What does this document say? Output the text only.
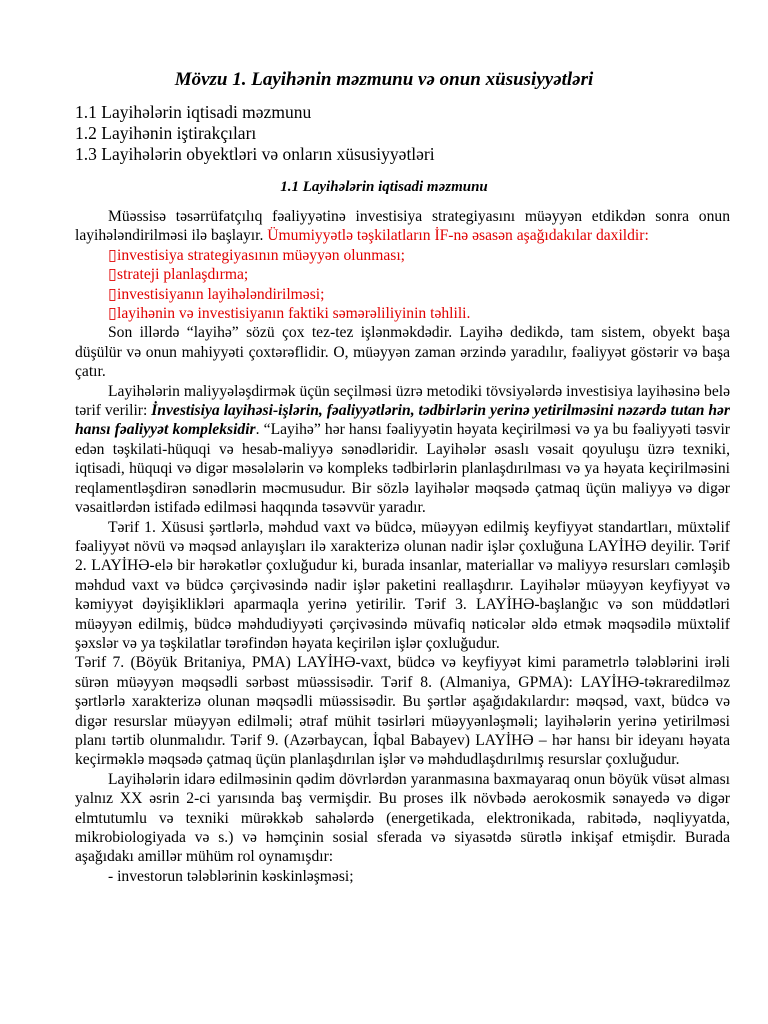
Mövzu 1. Layihənin məzmunu və onun xüsusiyyətləri
1.1 Layihələrin iqtisadi məzmunu
1.2 Layihənin iştirakçıları
1.3 Layihələrin obyektləri və onların xüsusiyyətləri
1.1 Layihələrin iqtisadi məzmunu

Müəssisə təsərrüfatçılıq fəaliyyətinə investisiya strategiyasını müəyyən etdikdən sonra onun layihələndirilməsi ilə başlayır. Ümumiyyətlə təşkilatların İF-nə əsasən aşağıdakılar daxildir:

▯investisiya strategiyasının müəyyən olunması;
▯strateji planlaşdırma;
▯investisiyanın layihələndirilməsi;
▯layihənin və investisiyanın faktiki səmərəliliyinin təhlili.

Son illərdə “layihə” sözü çox tez-tez işlənməkdədir. Layihə dedikdə, tam sistem, obyekt başa düşülür və onun mahiyyəti çoxtərəflidir. O, müəyyən zaman ərzində yaradılır, fəaliyyət göstərir və başa çatır.

Layihələrin maliyyələşdirmək üçün seçilməsi üzrə metodiki tövsiyələrdə investisiya layihəsinə belə tərif verilir: İnvestisiya layihəsi-işlərin, fəaliyyətlərin, tədbirlərin yerinə yetirilməsini nəzərdə tutan hər hansı fəaliyyət kompleksidir. “Layihə” hər hansı fəaliyyətin həyata keçirilməsi və ya bu fəaliyyəti təsvir edən təşkilati-hüquqi və hesab-maliyyə sənədləridir. Layihələr əsaslı vəsait qoyuluşu üzrə texniki, iqtisadi, hüquqi və digər məsələlərin və kompleks tədbirlərin planlaşdırılması və ya həyata keçirilməsini reqlamentləşdirən sənədlərin məcmusudur. Bir sözlə layihələr məqsədə çatmaq üçün maliyyə və digər vəsaitlərdən istifadə edilməsi haqqında təsəvvür yaradır.

Tərif 1. Xüsusi şərtlərlə, məhdud vaxt və büdcə, müəyyən edilmiş keyfiyyət standartları, müxtəlif fəaliyyət növü və məqsəd anlayışları ilə xarakterizə olunan nadir işlər çoxluğuna LAYİHƏ deyilir. Tərif 2. LAYİHƏ-elə bir hərəkətlər çoxluğudur ki, burada insanlar, materiallar və maliyyə resursları cəmləşib məhdud vaxt və büdcə çərçivəsində nadir işlər paketini reallaşdırır. Layihələr müəyyən keyfiyyət və kəmiyyət dəyişiklikləri aparmaqla yerinə yetirilir. Tərif 3. LAYİHƏ-başlanğıc və son müddətləri müəyyən edilmiş, büdcə məhdudiyyəti çərçivəsində müvafiq nəticələr əldə etmək məqsədilə müxtəlif şəxslər və ya təşkilatlar tərəfindən həyata keçirilən işlər çoxluğudur.

Tərif 7. (Böyük Britaniya, PMA) LAYİHƏ-vaxt, büdcə və keyfiyyət kimi parametrlə tələblərini irəli sürən müəyyən məqsədli sərbəst müəssisədir. Tərif 8. (Almaniya, GPMA): LAYİHƏ-təkraredilməz şərtlərlə xarakterizə olunan məqsədli müəssisədir. Bu şərtlər aşağıdakılardır: məqsəd, vaxt, büdcə və digər resurslar müəyyən edilməli; ətraf mühit təsirləri müəyyənləşməli; layihələrin yerinə yetirilməsi planı tərtib olunmalıdır. Tərif 9. (Azərbaycan, İqbal Babayev) LAYİHƏ – hər hansı bir ideyanı həyata keçirməklə məqsədə çatmaq üçün planlaşdırılan işlər və məhdudlaşdırılmış resurslar çoxluğudur.

Layihələrin idarə edilməsinin qədim dövrlərdən yaranmasına baxmayaraq onun böyük vüsət alması yalnız XX əsrin 2-ci yarısında baş vermişdir. Bu proses ilk növbədə aerokosmik sənayedə və digər elmtutumlu və texniki mürəkkəb sahələrdə (energetikada, elektronikada, rabitədə, nəqliyyatda, mikrobiologiyada və s.) və həmçinin sosial sferada və siyasətdə sürətlə inkişaf etmişdir. Burada aşağıdakı amillər mühüm rol oynamışdır:

- investorun tələblərinin kəskinləşməsi;
